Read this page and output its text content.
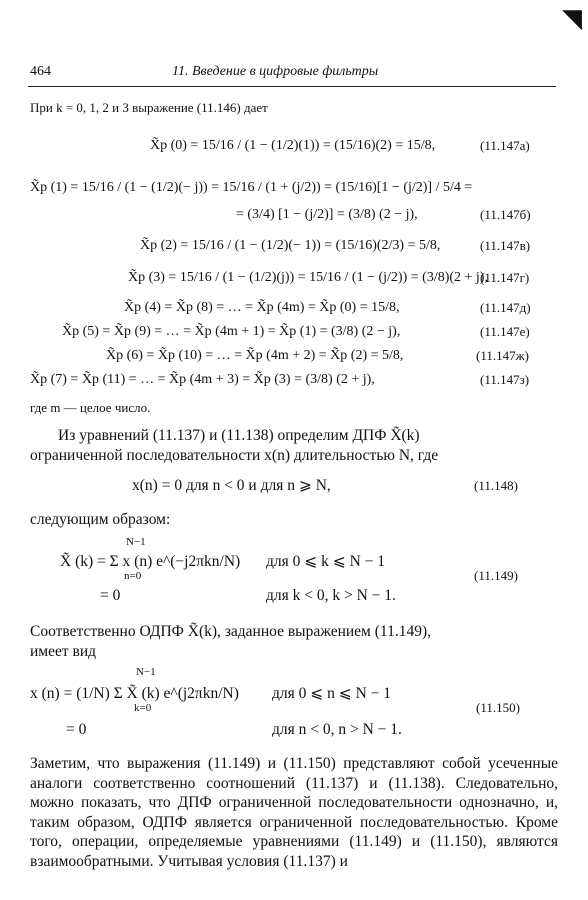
◥
464	11. Введение в цифровые фильтры
При k = 0, 1, 2 и 3 выражение (11.146) дает
X̃p (0) = 15/16 / (1 − (1/2)(1)) = (15/16)(2) = 15/8,	(11.147а)
X̃p (1) = 15/16 / (1 − (1/2)(− j)) = 15/16 / (1 + (j/2)) = (15/16)[1 − (j/2)] / 5/4 =
= (3/4) [1 − (j/2)] = (3/8) (2 − j),	(11.147б)
X̃p (2) = 15/16 / (1 − (1/2)(− 1)) = (15/16)(2/3) = 5/8,	(11.147в)
X̃p (3) = 15/16 / (1 − (1/2)(j)) = 15/16 / (1 − (j/2)) = (3/8)(2 + j),
(11.147г)
X̃p (4) = X̃p (8) = … = X̃p (4m) = X̃p (0) = 15/8,	(11.147д)
X̃p (5) = X̃p (9) = … = X̃p (4m + 1) = X̃p (1) = (3/8) (2 − j),	(11.147е)
X̃p (6) = X̃p (10) = … = X̃p (4m + 2) = X̃p (2) = 5/8,	(11.147ж)
X̃p (7) = X̃p (11) = … = X̃p (4m + 3) = X̃p (3) = (3/8) (2 + j),	(11.147з)
где m — целое число.
Из уравнений (11.137) и (11.138) определим ДПФ X̃(k)
ограниченной последовательности x(n) длительностью N, где
x(n) = 0 для n < 0 и для n ⩾ N,	(11.148)
следующим образом:
N−1
X̃ (k) = Σ x (n) e^(−j2πkn/N) для 0 ⩽ k ⩽ N − 1
n=0	(11.149)
= 0	для k < 0, k > N − 1.
Соответственно ОДПФ X̃(k), заданное выражением (11.149),
имеет вид
N−1
x (n) = (1/N) Σ X̃ (k) e^(j2πkn/N) для 0 ⩽ n ⩽ N − 1
k=0	(11.150)
= 0	для n < 0, n > N − 1.
Заметим, что выражения (11.149) и (11.150) представляют собой усеченные аналоги соответственно соотношений (11.137) и (11.138). Следовательно, можно показать, что ДПФ ограниченной последовательности однозначно, и, таким образом, ОДПФ является ограниченной последовательностью. Кроме того, операции, определяемые уравнениями (11.149) и (11.150), являются взаимообратными. Учитывая условия (11.137) и
